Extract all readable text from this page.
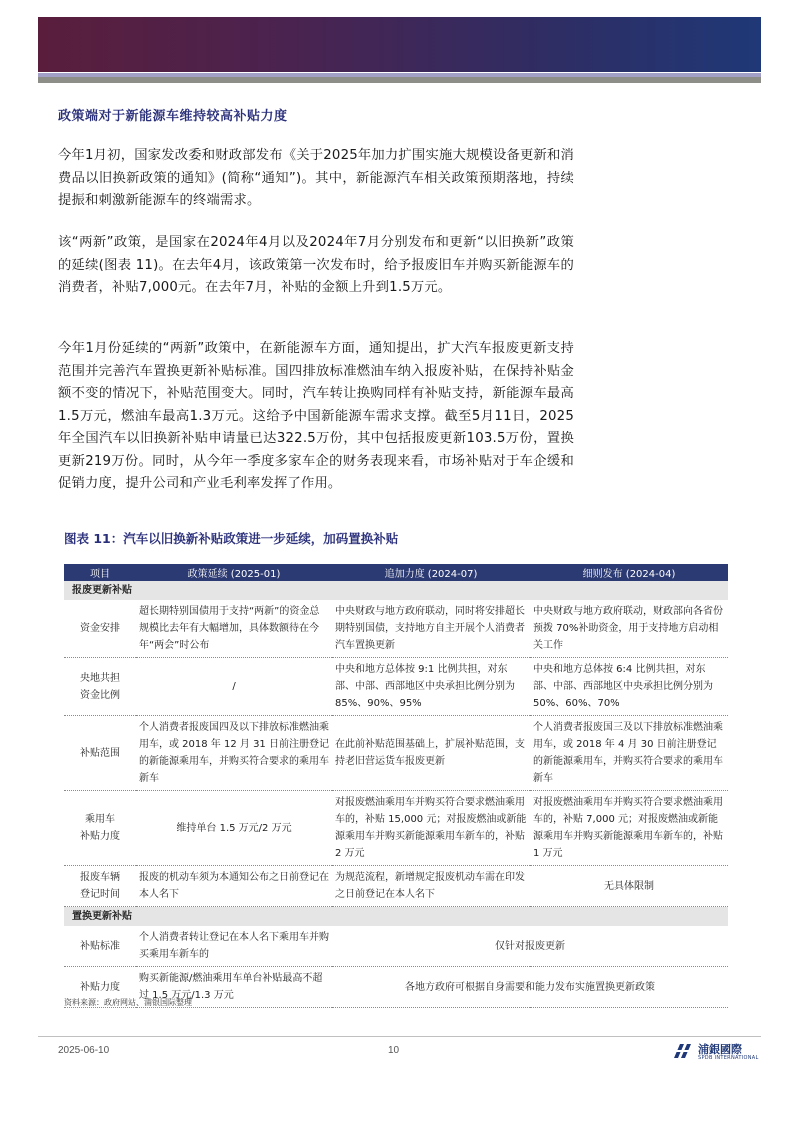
政策端对于新能源车维持较高补贴力度

今年1月初，国家发改委和财政部发布《关于2025年加力扩围实施大规模设备更新和消费品以旧换新政策的通知》(简称“通知”)。其中，新能源汽车相关政策预期落地，持续提振和刺激新能源车的终端需求。

该“两新”政策，是国家在2024年4月以及2024年7月分别发布和更新“以旧换新”政策的延续(图表 11)。在去年4月，该政策第一次发布时，给予报废旧车并购买新能源车的消费者，补贴7,000元。在去年7月，补贴的金额上升到1.5万元。

今年1月份延续的“两新”政策中，在新能源车方面，通知提出，扩大汽车报废更新支持范围并完善汽车置换更新补贴标准。国四排放标准燃油车纳入报废补贴，在保持补贴金额不变的情况下，补贴范围变大。同时，汽车转让换购同样有补贴支持，新能源车最高1.5万元，燃油车最高1.3万元。这给予中国新能源车需求支撑。截至5月11日，2025年全国汽车以旧换新补贴申请量已达322.5万份，其中包括报废更新103.5万份，置换更新219万份。同时，从今年一季度多家车企的财务表现来看，市场补贴对于车企缓和促销力度，提升公司和产业毛利率发挥了作用。

图表 11：汽车以旧换新补贴政策进一步延续，加码置换补贴
项目	政策延续 (2025-01)	追加力度 (2024-07)	细则发布 (2024-04)
报废更新补贴			
资金安排	超长期特别国债用于支持“两新”的资金总规模比去年有大幅增加，具体数额待在今年“两会”时公布	中央财政与地方政府联动，同时将安排超长期特别国债，支持地方自主开展个人消费者汽车置换更新	中央财政与地方政府联动，财政部向各省份预拨 70%补助资金，用于支持地方启动相关工作
央地共担
资金比例	/	中央和地方总体按 9:1 比例共担，对东部、中部、西部地区中央承担比例分别为 85%、90%、95%	中央和地方总体按 6:4 比例共担，对东部、中部、西部地区中央承担比例分别为 50%、60%、70%
补贴范围	个人消费者报废国四及以下排放标准燃油乘用车，或 2018 年 12 月 31 日前注册登记的新能源乘用车，并购买符合要求的乘用车新车	在此前补贴范围基础上，扩展补贴范围，支持老旧营运货车报废更新	个人消费者报废国三及以下排放标准燃油乘用车，或 2018 年 4 月 30 日前注册登记的新能源乘用车，并购买符合要求的乘用车新车
乘用车
补贴力度	维持单台 1.5 万元/2 万元	对报废燃油乘用车并购买符合要求燃油乘用车的，补贴 15,000 元；对报废燃油或新能源乘用车并购买新能源乘用车新车的，补贴 2 万元	对报废燃油乘用车并购买符合要求燃油乘用车的，补贴 7,000 元；对报废燃油或新能源乘用车并购买新能源乘用车新车的，补贴 1 万元
报废车辆
登记时间	报废的机动车须为本通知公布之日前登记在本人名下	为规范流程，新增规定报废机动车需在印发之日前登记在本人名下	无具体限制
置换更新补贴			
补贴标准	个人消费者转让登记在本人名下乘用车并购买乘用车新车的	仅针对报废更新	
补贴力度	购买新能源/燃油乘用车单台补贴最高不超过 1.5 万元/1.3 万元	各地方政府可根据自身需要和能力发布实施置换更新政策	
资料来源：政府网站、浦银国际整理
2025-06-10	10	浦銀國際
SPDB INTERNATIONAL
